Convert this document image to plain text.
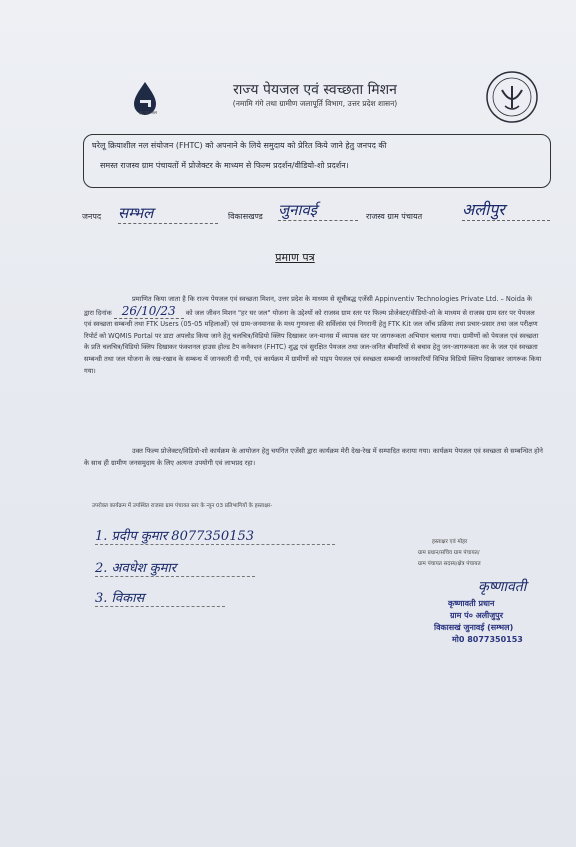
हर घर जल
राज्य पेयजल एवं स्वच्छता मिशन
(नमामि गंगे तथा ग्रामीण जलापूर्ति विभाग, उत्तर प्रदेश शासन)
घरेलू क्रियाशील नल संयोजन (FHTC) को अपनाने के लिये समुदाय को प्रेरित किये जाने हेतु जनपद की
समस्त राजस्व ग्राम पंचायतों में प्रोजेक्टर के माध्यम से फिल्म प्रदर्शन/वीडियो-शो प्रदर्शन।
जनपद सम्भल	विकासखण्ड जुनावई	राजस्व ग्राम पंचायत अलीपुर
प्रमाण पत्र
प्रमाणित किया जाता है कि राज्य पेयजल एवं स्वच्छता मिशन, उत्तर प्रदेश के माध्यम से सूचीबद्ध एजेंसी Appinventiv Technologies Private Ltd. – Noida के द्वारा दिनांक 26/10/23 को जल जीवन मिशन "हर घर जल" योजना के उद्देश्यों को राजस्व ग्राम स्तर पर फिल्म प्रोजेक्टर/वीडियो-शो के माध्यम से राजस्व ग्राम स्तर पर पेयजल एवं स्वच्छता सम्बन्धी तथा FTK Users (05-05 महिलाओं) एवं ग्राम-जनमानस के मध्य गुणवत्ता की सर्विलांस एवं निगरानी हेतु FTK Kit जल जाँच प्रक्रिया तथा प्रचार-प्रसार तथा जल परीक्षण रिपोर्ट को WQMIS Portal पर डाटा अपलोड किया जाने हेतु चलचित्र/विडियो क्लिप दिखाकर जन-मानस में व्यापक स्तर पर जागरूकता अभियान चलाया गया। ग्रामीणों को पेयजल एवं स्वच्छता के प्रति चलचित्र/विडियो क्लिप दिखाकर फंक्शनल हाउस होल्ड टैप कनेक्शन (FHTC) शुद्ध एवं सुरक्षित पेयजल तथा जल-जनित बीमारियों से बचाव हेतु जन-जागरूकता कर के जल एवं स्वच्छता सम्बन्धी तथा जल योजना के रख-रखाव के सम्बन्ध में जानकारी दी गयी, एवं कार्यक्रम में ग्रामीणों को पाइप पेयजल एवं स्वच्छता सम्बन्धी जानकारियाँ विभिन्न विडियो क्लिप दिखाकर जागरूक किया गया।
उक्त फिल्म प्रोजेक्टर/विडियो-शो कार्यक्रम के आयोजन हेतु चयनित एजेंसी द्वारा कार्यक्रम मेरी देख-रेख में सम्पादित कराया गया। कार्यक्रम पेयजल एवं स्वच्छता से सम्बन्धित होने के साथ ही ग्रामीण जनसमुदाय के लिए अत्यन्त उपयोगी एवं लाभप्रद रहा।
उपरोक्त कार्यक्रम में उपस्थित राजस्व ग्राम पंचायत स्तर के न्यून 03 प्रतिभागियों के हस्ताक्षर-
1. प्रदीप कुमार 8077350153
2. अवधेश कुमार
3. विकास
हस्ताक्षर एवं मोहर
ग्राम प्रधान/सचिव ग्राम पंचायत/
ग्राम पंचायत सदस्य/क्षेत्र पंचायत
कृष्णावती
कृष्णावती प्रधान
ग्राम पं० अलीजुपुर
विकासखं जुनावई (सम्भल)
मो0 8077350153
